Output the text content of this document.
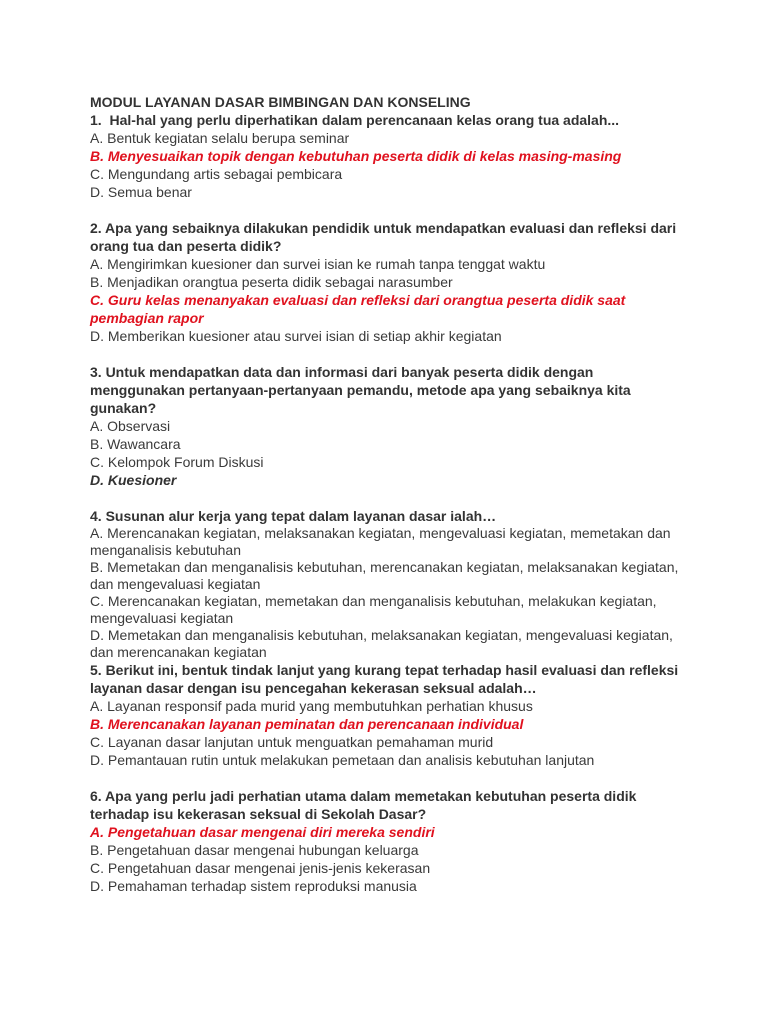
MODUL LAYANAN DASAR BIMBINGAN DAN KONSELING

1.  Hal-hal yang perlu diperhatikan dalam perencanaan kelas orang tua adalah...

A. Bentuk kegiatan selalu berupa seminar

B. Menyesuaikan topik dengan kebutuhan peserta didik di kelas masing-masing

C. Mengundang artis sebagai pembicara

D. Semua benar

2. Apa yang sebaiknya dilakukan pendidik untuk mendapatkan evaluasi dan refleksi dari orang tua dan peserta didik?

A. Mengirimkan kuesioner dan survei isian ke rumah tanpa tenggat waktu

B. Menjadikan orangtua peserta didik sebagai narasumber

C. Guru kelas menanyakan evaluasi dan refleksi dari orangtua peserta didik saat pembagian rapor

D. Memberikan kuesioner atau survei isian di setiap akhir kegiatan

3. Untuk mendapatkan data dan informasi dari banyak peserta didik dengan menggunakan pertanyaan-pertanyaan pemandu, metode apa yang sebaiknya kita gunakan?

A. Observasi

B. Wawancara

C. Kelompok Forum Diskusi

D. Kuesioner

4. Susunan alur kerja yang tepat dalam layanan dasar ialah…

A. Merencanakan kegiatan, melaksanakan kegiatan, mengevaluasi kegiatan, memetakan dan menganalisis kebutuhan

B. Memetakan dan menganalisis kebutuhan, merencanakan kegiatan, melaksanakan kegiatan, dan mengevaluasi kegiatan

C. Merencanakan kegiatan, memetakan dan menganalisis kebutuhan, melakukan kegiatan, mengevaluasi kegiatan

D. Memetakan dan menganalisis kebutuhan, melaksanakan kegiatan, mengevaluasi kegiatan, dan merencanakan kegiatan

5. Berikut ini, bentuk tindak lanjut yang kurang tepat terhadap hasil evaluasi dan refleksi layanan dasar dengan isu pencegahan kekerasan seksual adalah…

A. Layanan responsif pada murid yang membutuhkan perhatian khusus

B. Merencanakan layanan peminatan dan perencanaan individual

C. Layanan dasar lanjutan untuk menguatkan pemahaman murid

D. Pemantauan rutin untuk melakukan pemetaan dan analisis kebutuhan lanjutan

6. Apa yang perlu jadi perhatian utama dalam memetakan kebutuhan peserta didik terhadap isu kekerasan seksual di Sekolah Dasar?

A. Pengetahuan dasar mengenai diri mereka sendiri

B. Pengetahuan dasar mengenai hubungan keluarga

C. Pengetahuan dasar mengenai jenis-jenis kekerasan

D. Pemahaman terhadap sistem reproduksi manusia
